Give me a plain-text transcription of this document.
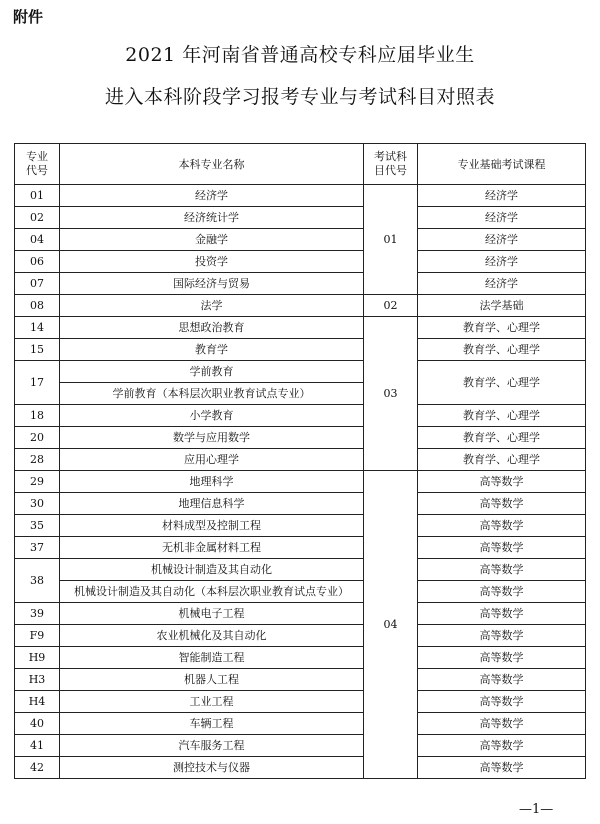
附件
2021 年河南省普通高校专科应届毕业生
进入本科阶段学习报考专业与考试科目对照表
专业代号	本科专业名称	考试科目代号	专业基础考试课程
01	经济学	01	经济学
02	经济统计学		经济学
04	金融学		经济学
06	投资学		经济学
07	国际经济与贸易		经济学
08	法学	02	法学基础
14	思想政治教育	03	教育学、心理学
15	教育学		教育学、心理学
17	学前教育		教育学、心理学
	学前教育（本科层次职业教育试点专业）		
18	小学教育		教育学、心理学
20	数学与应用数学		教育学、心理学
28	应用心理学		教育学、心理学
29	地理科学	04	高等数学
30	地理信息科学		高等数学
35	材料成型及控制工程		高等数学
37	无机非金属材料工程		高等数学
38	机械设计制造及其自动化		高等数学
	机械设计制造及其自动化（本科层次职业教育试点专业）		高等数学
39	机械电子工程		高等数学
F9	农业机械化及其自动化		高等数学
H9	智能制造工程		高等数学
H3	机器人工程		高等数学
H4	工业工程		高等数学
40	车辆工程		高等数学
41	汽车服务工程		高等数学
42	测控技术与仪器		高等数学
—1—
